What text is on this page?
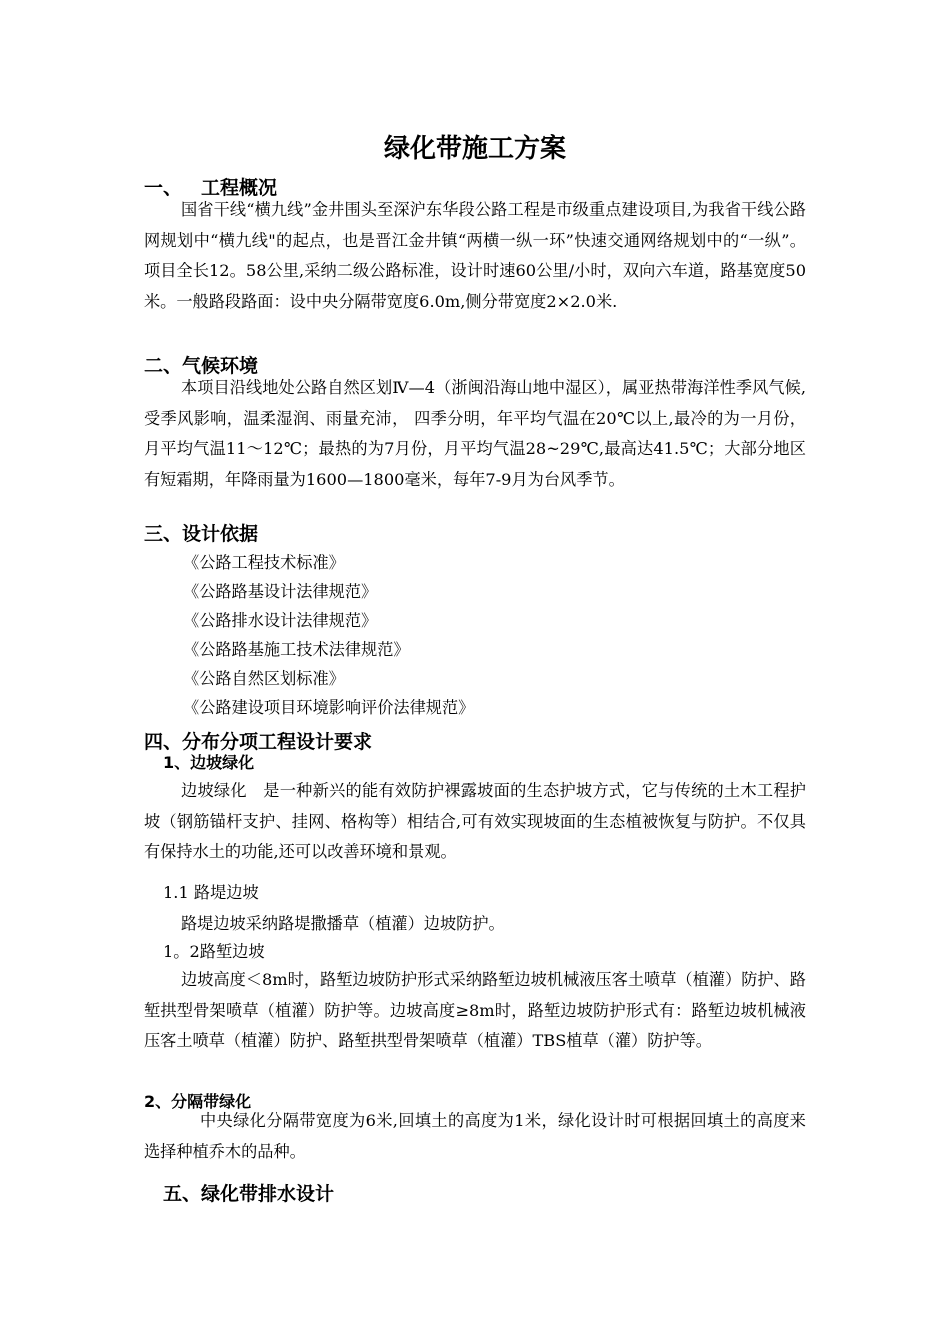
绿化带施工方案
一、 工程概况

国省干线“横九线”金井围头至深沪东华段公路工程是市级重点建设项目,为我省干线公路网规划中“横九线"的起点，也是晋江金井镇“两横一纵一环”快速交通网络规划中的“一纵”。 项目全长12。58公里,采纳二级公路标准，设计时速60公里/小时，双向六车道，路基宽度50米。一般路段路面：设中央分隔带宽度6.0m,侧分带宽度2×2.0米.

二、气候环境

本项目沿线地处公路自然区划Ⅳ—4（浙闽沿海山地中湿区），属亚热带海洋性季风气候,受季风影响，温柔湿润、雨量充沛， 四季分明，年平均气温在20℃以上,最冷的为一月份，月平均气温11～12℃；最热的为7月份，月平均气温28~29℃,最高达41.5℃；大部分地区有短霜期，年降雨量为1600—1800毫米，每年7-9月为台风季节。

三、设计依据
《公路工程技术标准》
《公路路基设计法律规范》
《公路排水设计法律规范》
《公路路基施工技术法律规范》
《公路自然区划标准》
《公路建设项目环境影响评价法律规范》
四、分布分项工程设计要求
1、边坡绿化

边坡绿化　是一种新兴的能有效防护裸露坡面的生态护坡方式，它与传统的土木工程护坡（钢筋锚杆支护、挂网、格构等）相结合,可有效实现坡面的生态植被恢复与防护。不仅具有保持水土的功能,还可以改善环境和景观。

1.1 路堤边坡

路堤边坡采纳路堤撒播草（植灌）边坡防护。

1。2路堑边坡

边坡高度＜8m时，路堑边坡防护形式采纳路堑边坡机械液压客土喷草（植灌）防护、路堑拱型骨架喷草（植灌）防护等。边坡高度≥8m时，路堑边坡防护形式有：路堑边坡机械液压客土喷草（植灌）防护、路堑拱型骨架喷草（植灌）TBS植草（灌）防护等。

2、分隔带绿化

中央绿化分隔带宽度为6米,回填土的高度为1米，绿化设计时可根据回填土的高度来选择种植乔木的品种。

五、绿化带排水设计
